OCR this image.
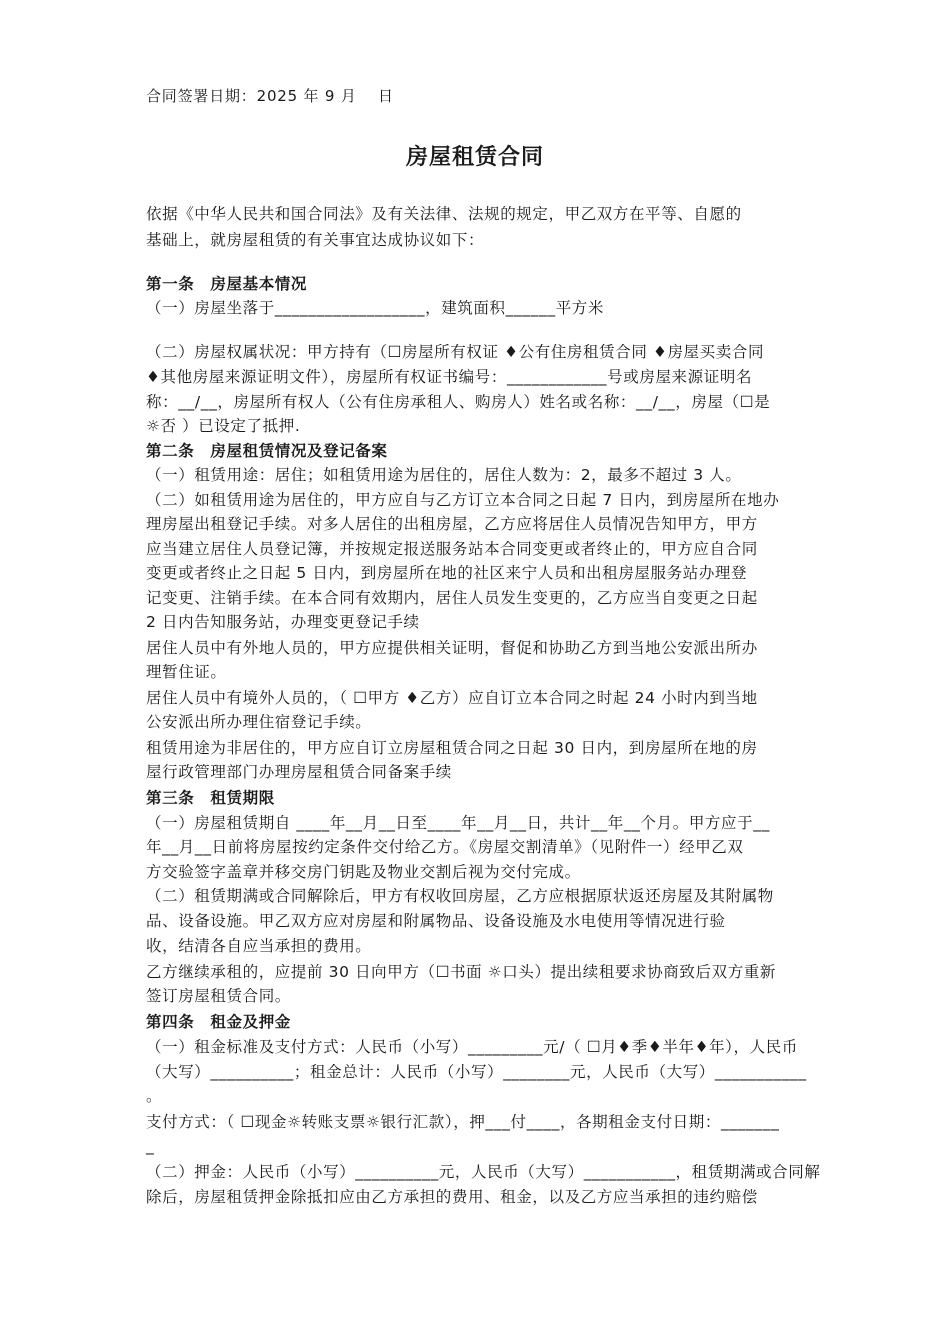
合同签署日期：2025 年 9 月　 日
房屋租赁合同
依据《中华人民共和国合同法》及有关法律、法规的规定，甲乙双方在平等、自愿的
基础上，就房屋租赁的有关事宜达成协议如下：
第一条　房屋基本情况
（一）房屋坐落于__________________，建筑面积______平方米
（二）房屋权属状况：甲方持有（☐房屋所有权证 ♦公有住房租赁合同 ♦房屋买卖合同
♦其他房屋来源证明文件），房屋所有权证书编号：____________号或房屋来源证明名
称：__/__，房屋所有权人（公有住房承租人、购房人）姓名或名称：__/__，房屋（☐是
☼否 ）已设定了抵押.
第二条　房屋租赁情况及登记备案
（一）租赁用途：居住；如租赁用途为居住的，居住人数为：2，最多不超过 3 人。
（二）如租赁用途为居住的，甲方应自与乙方订立本合同之日起 7 日内，到房屋所在地办
理房屋出租登记手续。对多人居住的出租房屋，乙方应将居住人员情况告知甲方，甲方
应当建立居住人员登记簿，并按规定报送服务站本合同变更或者终止的，甲方应自合同
变更或者终止之日起 5 日内，到房屋所在地的社区来宁人员和出租房屋服务站办理登
记变更、注销手续。在本合同有效期内，居住人员发生变更的，乙方应当自变更之日起
2 日内告知服务站，办理变更登记手续
居住人员中有外地人员的，甲方应提供相关证明，督促和协助乙方到当地公安派出所办
理暂住证。
居住人员中有境外人员的，（ ☐甲方 ♦乙方）应自订立本合同之时起 24 小时内到当地
公安派出所办理住宿登记手续。
租赁用途为非居住的，甲方应自订立房屋租赁合同之日起 30 日内，到房屋所在地的房
屋行政管理部门办理房屋租赁合同备案手续
第三条　租赁期限
（一）房屋租赁期自 ____年__月__日至____年__月__日，共计__年__个月。甲方应于__
年__月__日前将房屋按约定条件交付给乙方。《房屋交割清单》（见附件一）经甲乙双
方交验签字盖章并移交房门钥匙及物业交割后视为交付完成。
（二）租赁期满或合同解除后，甲方有权收回房屋，乙方应根据原状返还房屋及其附属物
品、设备设施。甲乙双方应对房屋和附属物品、设备设施及水电使用等情况进行验
收，结清各自应当承担的费用。
乙方继续承租的，应提前 30 日向甲方（☐书面 ☼口头）提出续租要求协商致后双方重新
签订房屋租赁合同。
第四条　租金及押金
（一）租金标准及支付方式：人民币（小写）_________元/（ ☐月♦季♦半年♦年），人民币
（大写）__________；租金总计：人民币（小写）________元，人民币（大写）___________
。
支付方式：（ ☐现金☼转账支票☼银行汇款），押___付____，各期租金支付日期：_______
_
（二）押金：人民币（小写）__________元，人民币（大写）___________，租赁期满或合同解
除后，房屋租赁押金除抵扣应由乙方承担的费用、租金，以及乙方应当承担的违约赔偿
